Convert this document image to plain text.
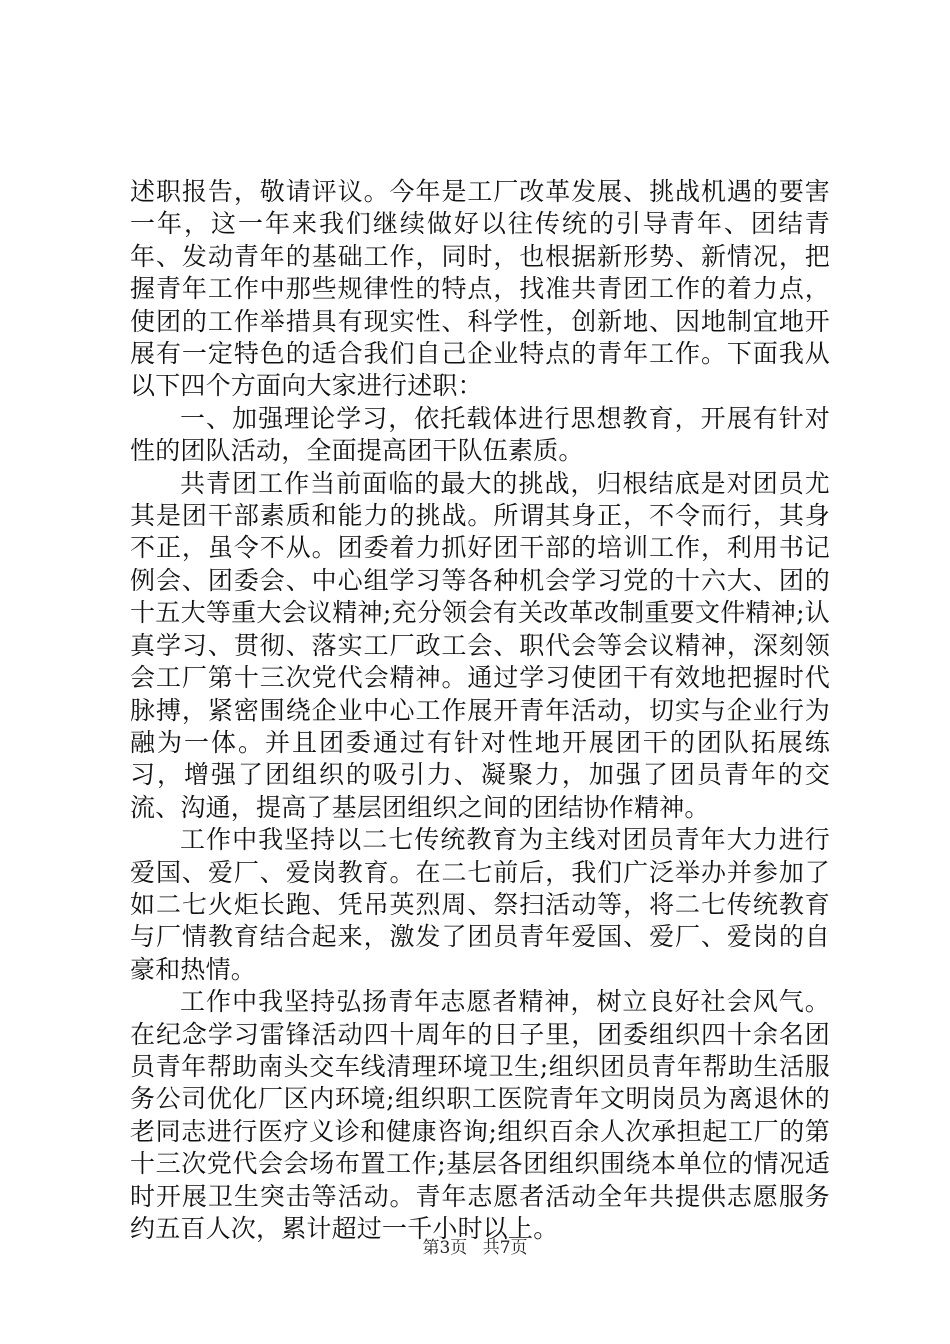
述职报告，敬请评议。今年是工厂改革发展、挑战机遇的要害一年，这一年来我们继续做好以往传统的引导青年、团结青年、发动青年的基础工作，同时，也根据新形势、新情况，把握青年工作中那些规律性的特点，找准共青团工作的着力点，使团的工作举措具有现实性、科学性，创新地、因地制宜地开展有一定特色的适合我们自己企业特点的青年工作。下面我从以下四个方面向大家进行述职：

一、加强理论学习，依托载体进行思想教育，开展有针对性的团队活动，全面提高团干队伍素质。

共青团工作当前面临的最大的挑战，归根结底是对团员尤其是团干部素质和能力的挑战。所谓其身正，不令而行，其身不正，虽令不从。团委着力抓好团干部的培训工作，利用书记例会、团委会、中心组学习等各种机会学习党的十六大、团的十五大等重大会议精神;充分领会有关改革改制重要文件精神;认真学习、贯彻、落实工厂政工会、职代会等会议精神，深刻领会工厂第十三次党代会精神。通过学习使团干有效地把握时代脉搏，紧密围绕企业中心工作展开青年活动，切实与企业行为融为一体。并且团委通过有针对性地开展团干的团队拓展练习，增强了团组织的吸引力、凝聚力，加强了团员青年的交流、沟通，提高了基层团组织之间的团结协作精神。

工作中我坚持以二七传统教育为主线对团员青年大力进行爱国、爱厂、爱岗教育。在二七前后，我们广泛举办并参加了如二七火炬长跑、凭吊英烈周、祭扫活动等，将二七传统教育与厂情教育结合起来，激发了团员青年爱国、爱厂、爱岗的自豪和热情。

工作中我坚持弘扬青年志愿者精神，树立良好社会风气。在纪念学习雷锋活动四十周年的日子里，团委组织四十余名团员青年帮助南头交车线清理环境卫生;组织团员青年帮助生活服务公司优化厂区内环境;组织职工医院青年文明岗员为离退休的老同志进行医疗义诊和健康咨询;组织百余人次承担起工厂的第十三次党代会会场布置工作;基层各团组织围绕本单位的情况适时开展卫生突击等活动。青年志愿者活动全年共提供志愿服务约五百人次，累计超过一千小时以上。

第3页 共7页
